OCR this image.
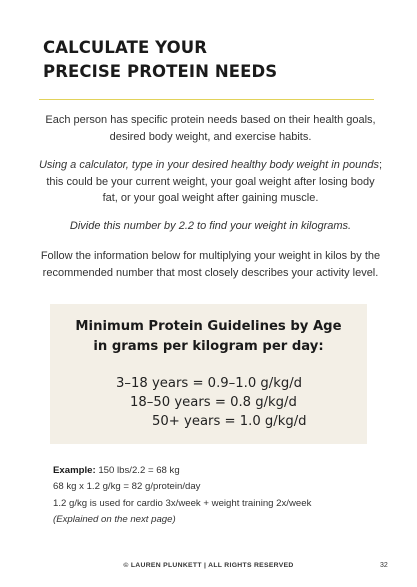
CALCULATE YOUR
PRECISE PROTEIN NEEDS

Each person has specific protein needs based on their health goals, desired body weight, and exercise habits.

Using a calculator, type in your desired healthy body weight in pounds; this could be your current weight, your goal weight after losing body fat, or your goal weight after gaining muscle.

Divide this number by 2.2 to find your weight in kilograms.

Follow the information below for multiplying your weight in kilos by the recommended number that most closely describes your activity level.

Minimum Protein Guidelines by Age
in grams per kilogram per day:
3–18 years = 0.9–1.0 g/kg/d
18–50 years = 0.8 g/kg/d
50+ years = 1.0 g/kg/d
Example: 150 lbs/2.2 = 68 kg
68 kg x 1.2 g/kg = 82 g/protein/day
1.2 g/kg is used for cardio 3x/week + weight training 2x/week
(Explained on the next page)
© LAUREN PLUNKETT | ALL RIGHTS RESERVED	32
